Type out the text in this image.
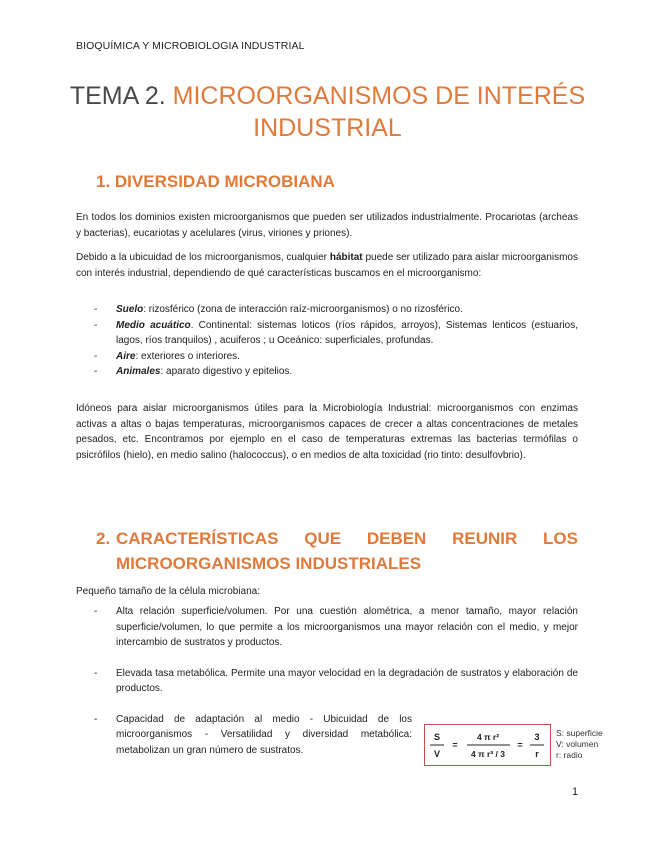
BIOQUÍMICA Y MICROBIOLOGIA INDUSTRIAL
TEMA 2. MICROORGANISMOS DE INTERÉS INDUSTRIAL
1. DIVERSIDAD MICROBIANA

En todos los dominios existen microorganismos que pueden ser utilizados industrialmente. Procariotas (archeas y bacterias), eucariotas y acelulares (virus, viriones y priones).

Debido a la ubicuidad de los microorganismos, cualquier hábitat puede ser utilizado para aislar microorganismos con interés industrial, dependiendo de qué características buscamos en el microorganismo:

- Suelo: rizosférico (zona de interacción raíz-microorganismos) o no rizosférico.
- Medio acuático. Continental: sistemas loticos (ríos rápidos, arroyos), Sistemas lenticos (estuarios, lagos, ríos tranquilos) , acuiferos ; u Oceánico: superficiales, profundas.
- Aire: exteriores o interiores.
- Animales: aparato digestivo y epitelios.

Idóneos para aislar microorganismos útiles para la Microbiología Industrial: microorganismos con enzimas activas a altas o bajas temperaturas, microorganismos capaces de crecer a altas concentraciones de metales pesados, etc. Encontramos por ejemplo en el caso de temperaturas extremas las bacterias termófilas o psicrófilos (hielo), en medio salino (halococcus), o en medios de alta toxicidad (rio tinto: desulfovbrio).

2. CARACTERÍSTICAS QUE DEBEN REUNIR LOS
MICROORGANISMOS INDUSTRIALES

Pequeño tamaño de la célula microbiana:

- Alta relación superficie/volumen. Por una cuestión alométrica, a menor tamaño, mayor relación superficie/volumen, lo que permite a los microorganismos una mayor relación con el medio, y mejor intercambio de sustratos y productos.
- Elevada tasa metabólica. Permite una mayor velocidad en la degradación de sustratos y elaboración de productos.
- Capacidad de adaptación al medio - Ubicuidad de los microorganismos - Versatilidad y diversidad metabólica: metabolizan un gran número de sustratos.
S
V
=
4 π r²
4 π r³ / 3
=
3
r
S: superficie
V: volumen
r: radio
1
